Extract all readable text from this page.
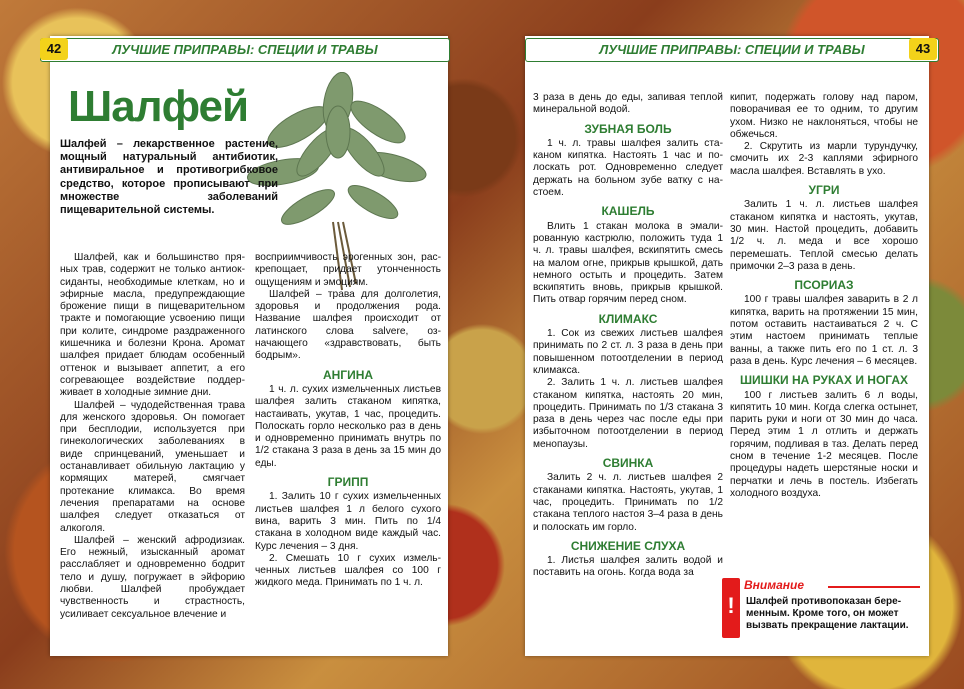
ЛУЧШИЕ ПРИПРАВЫ: СПЕЦИИ И ТРАВЫ
42	ЛУЧШИЕ ПРИПРАВЫ: СПЕЦИИ И ТРАВЫ	43
Шалфей

Шалфей – лекарственное растение, мощный натуральный антибиотик, антивиральное и противогрибковое средство, которое прописывают при множестве заболеваний пищеварительной системы.

Шалфей, как и большинство пряных трав, содержит не только антиоксиданты, необходимые клеткам, но и эфирные масла, предупреждающие брожение пищи в пищеварительном тракте и помогающие усвоению пищи при колите, синдроме раздраженного кишечника и болезни Крона. Аромат шалфея придает блюдам особенный оттенок и вызывает аппетит, а его согревающее воздействие поддерживает в холодные зимние дни.

Шалфей – чудодейственная трава для женского здоровья. Он помогает при бесплодии, используется при гинекологических заболеваниях в виде спринцеваний, уменьшает и останавливает обильную лактацию у кормящих матерей, смягчает протекание климакса. Во время лечения препаратами на основе шалфея следует отказаться от алкоголя.

Шалфей – женский афродизиак. Его нежный, изысканный аромат расслабляет и одновременно бодрит тело и душу, погружает в эйфорию любви. Шалфей пробуждает чувственность и страстность, усиливает сексуальное влечение и

восприимчивость эрогенных зон, раскрепощает, придает утонченность ощущениям и эмоциям.

Шалфей – трава для долголетия, здоровья и продолжения рода. Название шалфея происходит от латинского слова salvere, означающего «здравствовать, быть бодрым».

АНГИНА

1 ч. л. сухих измельченных листьев шалфея залить стаканом кипятка, настаивать, укутав, 1 час, процедить. Полоскать горло несколько раз в день и одновременно принимать внутрь по 1/2 стакана 3 раза в день за 15 мин до еды.

ГРИПП

1. Залить 10 г сухих измельченных листьев шалфея 1 л белого сухого вина, варить 3 мин. Пить по 1/4 стакана в холодном виде каждый час. Курс лечения – 3 дня.

2. Смешать 10 г сухих измельченных листьев шалфея со 100 г жидкого меда. Принимать по 1 ч. л.

3 раза в день до еды, запивая теплой минеральной водой.

ЗУБНАЯ БОЛЬ

1 ч. л. травы шалфея залить стаканом кипятка. Настоять 1 час и полоскать рот. Одновременно следует держать на больном зубе ватку с настоем.

КАШЕЛЬ

Влить 1 стакан молока в эмалированную кастрюлю, положить туда 1 ч. л. травы шалфея, вскипятить смесь на малом огне, прикрыв крышкой, дать немного остыть и процедить. Затем вскипятить вновь, прикрыв крышкой. Пить отвар горячим перед сном.

КЛИМАКС

1. Сок из свежих листьев шалфея принимать по 2 ст. л. 3 раза в день при повышенном потоотделении в период климакса.

2. Залить 1 ч. л. листьев шалфея стаканом кипятка, настоять 20 мин, процедить. Принимать по 1/3 стакана 3 раза в день через час после еды при избыточном потоотделении в период менопаузы.

СВИНКА

Залить 2 ч. л. листьев шалфея 2 стаканами кипятка. Настоять, укутав, 1 час, процедить. Принимать по 1/2 стакана теплого настоя 3–4 раза в день и полоскать им горло.

СНИЖЕНИЕ СЛУХА

1. Листья шалфея залить водой и поставить на огонь. Когда вода за

кипит, подержать голову над паром, поворачивая ее то одним, то другим ухом. Низко не наклоняться, чтобы не обжечься.

2. Скрутить из марли турундучку, смочить их 2-3 каплями эфирного масла шалфея. Вставлять в ухо.

УГРИ

Залить 1 ч. л. листьев шалфея стаканом кипятка и настоять, укутав, 30 мин. Настой процедить, добавить 1/2 ч. л. меда и все хорошо перемешать. Теплой смесью делать примочки 2–3 раза в день.

ПСОРИАЗ

100 г травы шалфея заварить в 2 л кипятка, варить на протяжении 15 мин, потом оставить настаиваться 2 ч. С этим настоем принимать теплые ванны, а также пить его по 1 ст. л. 3 раза в день. Курс лечения – 6 месяцев.

ШИШКИ НА РУКАХ И НОГАХ

100 г листьев залить 6 л воды, кипятить 10 мин. Когда слегка остынет, парить руки и ноги от 30 мин до часа. Перед этим 1 л отлить и держать горячим, подливая в таз. Делать перед сном в течение 1-2 месяцев. После процедуры надеть шерстяные носки и перчатки и лечь в постель. Избегать холодного воздуха.

!
Внимание
Шалфей противопоказан беременным. Кроме того, он может вызвать прекращение лактации.
